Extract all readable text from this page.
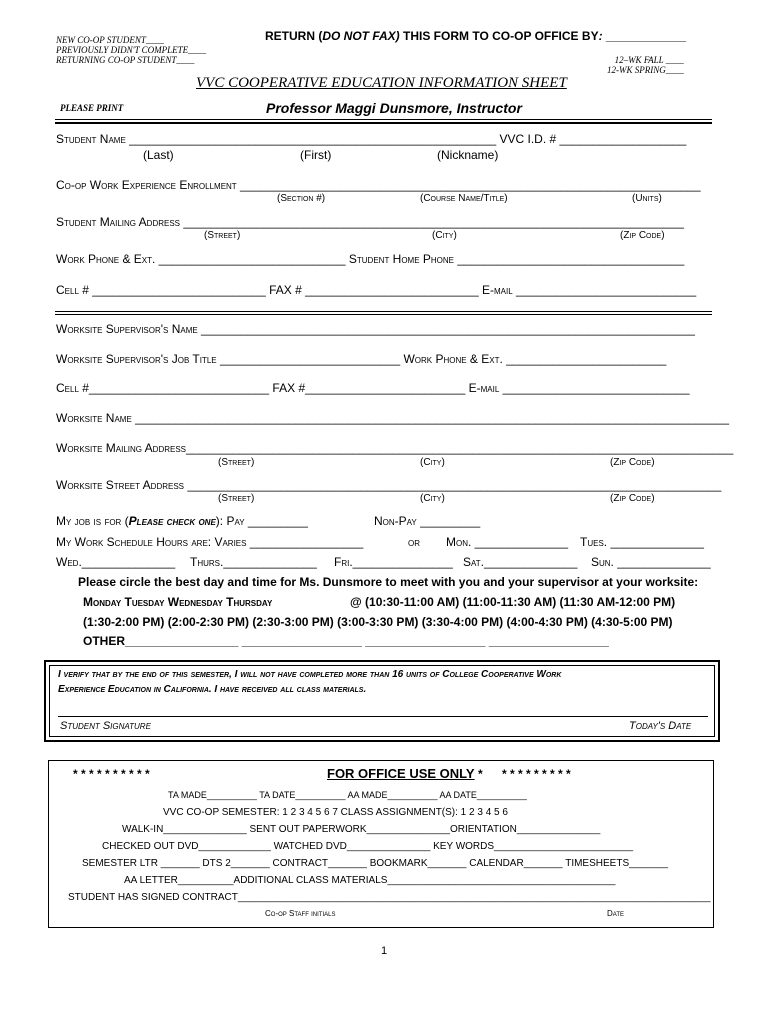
NEW CO-OP STUDENT____
PREVIOUSLY DIDN'T COMPLETE____
RETURNING CO-OP STUDENT____
RETURN (DO NOT FAX) THIS FORM TO CO-OP OFFICE BY: ____________
12–WK FALL ____
12-WK SPRING____
VVC COOPERATIVE EDUCATION INFORMATION SHEET
PLEASE PRINT	Professor Maggi Dunsmore, Instructor
Student Name _______________________________________________________ VVC I.D. # ___________________
(Last)	(First)	(Nickname)
Co-op Work Experience Enrollment _____________________________________________________________________
(Section #)	(Course Name/Title)	(Units)
Student Mailing Address ___________________________________________________________________________
(Street)	(City)	(Zip Code)
Work Phone & Ext. ____________________________ Student Home Phone __________________________________
Cell # __________________________ FAX # __________________________ E-mail ___________________________
Worksite Supervisor's Name __________________________________________________________________________
Worksite Supervisor's Job Title ___________________________ Work Phone & Ext. ________________________
Cell #___________________________ FAX #________________________ E-mail ____________________________
Worksite Name _________________________________________________________________________________________
Worksite Mailing Address__________________________________________________________________________________
(Street)	(City)	(Zip Code)
Worksite Street Address ________________________________________________________________________________
(Street)	(City)	(Zip Code)
My job is for (Please check one): Pay _________	Non-Pay _________
My Work Schedule Hours are: Varies _________________	or Mon. ______________ Tues. ______________
Wed.______________ Thurs.______________ Fri._______________ Sat.______________ Sun. ______________
Please circle the best day and time for Ms. Dunsmore to meet with you and your supervisor at your worksite:
Monday Tuesday Wednesday Thursday	@ (10:30-11:00 AM) (11:00-11:30 AM) (11:30 AM-12:00 PM)
(1:30-2:00 PM) (2:00-2:30 PM) (2:30-3:00 PM) (3:00-3:30 PM) (3:30-4:00 PM) (4:00-4:30 PM) (4:30-5:00 PM)
OTHER_________________ __________________ __________________ __________________
I verify that by the end of this semester, I will not have completed more than 16 units of College Cooperative Work
Experience Education in California. I have received all class materials.
Student Signature	Today's Date
* * * * * * * * * *	FOR OFFICE USE ONLY * * * * * * * * * *
TA MADE__________ TA DATE__________ AA MADE__________ AA DATE__________
VVC CO-OP SEMESTER: 1 2 3 4 5 6 7 CLASS ASSIGNMENT(S): 1 2 3 4 5 6
WALK-IN_______________ SENT OUT PAPERWORK_______________ORIENTATION_______________
CHECKED OUT DVD_____________ WATCHED DVD_______________ KEY WORDS_________________________
SEMESTER LTR _______ DTS 2_______ CONTRACT_______ BOOKMARK_______ CALENDAR_______ TIMESHEETS_______
AA LETTER__________ADDITIONAL CLASS MATERIALS_________________________________________
STUDENT HAS SIGNED CONTRACT_____________________________________________________________________________________
Co-op Staff initials	Date
1
